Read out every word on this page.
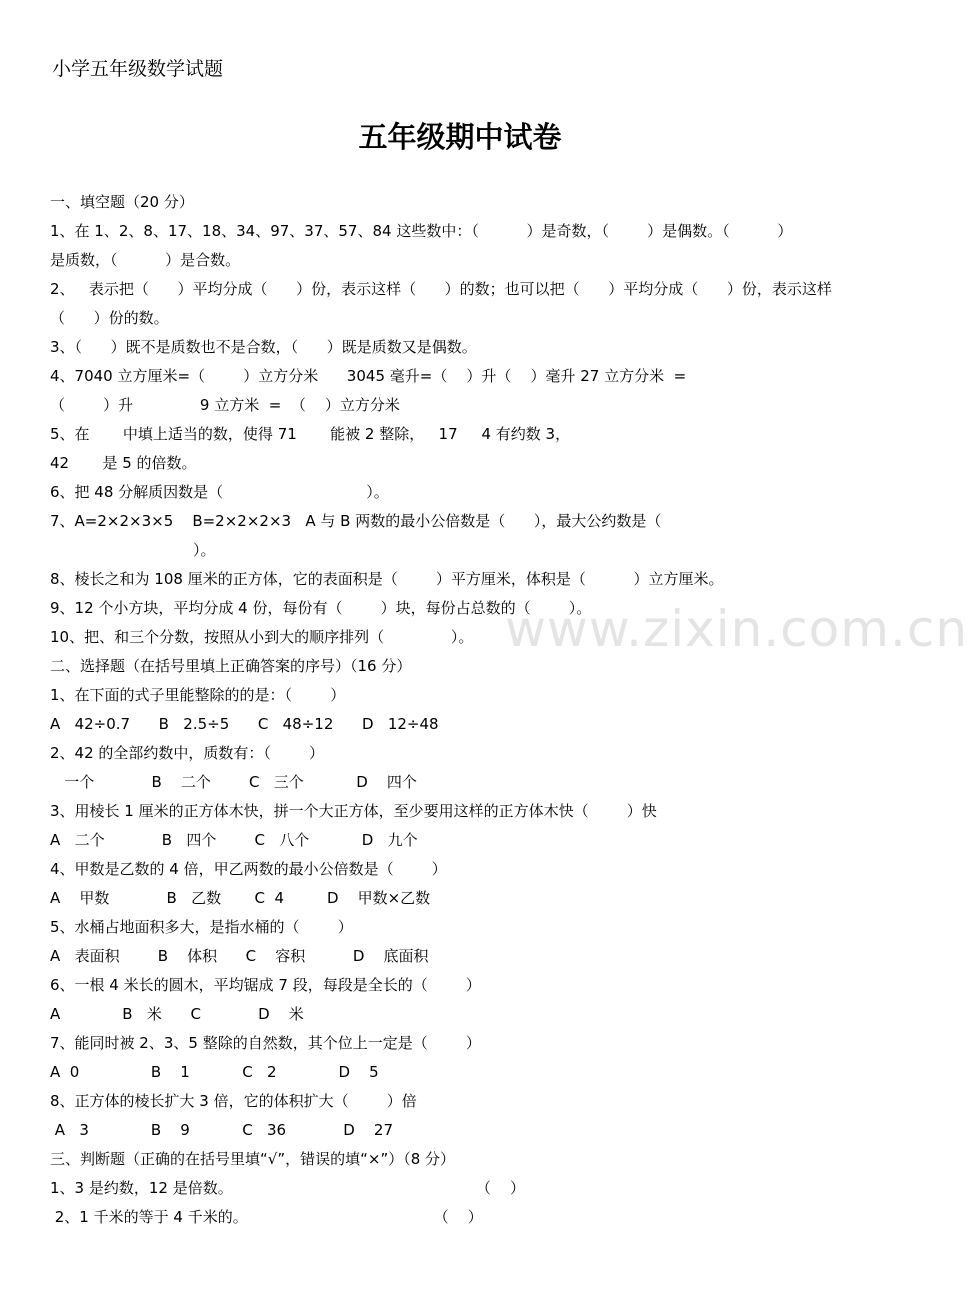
www.zixin.com.cn
小学五年级数学试题
五年级期中试卷
一、填空题（20 分）
1、在 1、2、8、17、18、34、97、37、57、84 这些数中：（          ）是奇数，（        ）是偶数。（          ）
是质数，（          ）是合数。
2、   表示把（      ）平均分成（      ）份，表示这样（      ）的数；也可以把（      ）平均分成（      ）份，表示这样
（      ）份的数。
3、（      ）既不是质数也不是合数，（      ）既是质数又是偶数。
4、7040 立方厘米=（        ）立方分米      3045 毫升=（    ）升（    ）毫升 27 立方分米  =
（        ）升              9 立方米  =  （    ）立方分米
5、在       中填上适当的数，使得 71       能被 2 整除，   17     4 有约数 3，
42       是 5 的倍数。
6、把 48 分解质因数是（                              ）。
7、A=2×2×3×5    B=2×2×2×3   A 与 B 两数的最小公倍数是（      ），最大公约数是（
）。
8、棱长之和为 108 厘米的正方体，它的表面积是（        ）平方厘米，体积是（          ）立方厘米。
9、12 个小方块，平均分成 4 份，每份有（        ）块，每份占总数的（        ）。
10、把、和三个分数，按照从小到大的顺序排列（              ）。
二、选择题（在括号里填上正确答案的序号）（16 分）
1、在下面的式子里能整除的的是：（        ）
A   42÷0.7      B   2.5÷5      C   48÷12      D   12÷48
2、42 的全部约数中，质数有：（        ）
一个            B    二个        C   三个           D    四个
3、用棱长 1 厘米的正方体木快，拼一个大正方体，至少要用这样的正方体木快（        ）快
A   二个            B   四个        C   八个           D   九个
4、甲数是乙数的 4 倍，甲乙两数的最小公倍数是（        ）
A    甲数            B   乙数       C  4         D    甲数×乙数
5、水桶占地面积多大，是指水桶的（        ）
A   表面积        B    体积      C    容积          D    底面积
6、一根 4 米长的圆木，平均锯成 7 段，每段是全长的（        ）
A             B   米      C            D    米
7、能同时被 2、3、5 整除的自然数，其个位上一定是（        ）
A  0               B    1           C   2             D    5
8、正方体的棱长扩大 3 倍，它的体积扩大（        ）倍
A   3             B    9           C   36            D    27
三、判断题（正确的在括号里填“√”，错误的填“×”）（8 分）
1、3 是约数，12 是倍数。                                                   （    ）
2、1 千米的等于 4 千米的。                                       （    ）
